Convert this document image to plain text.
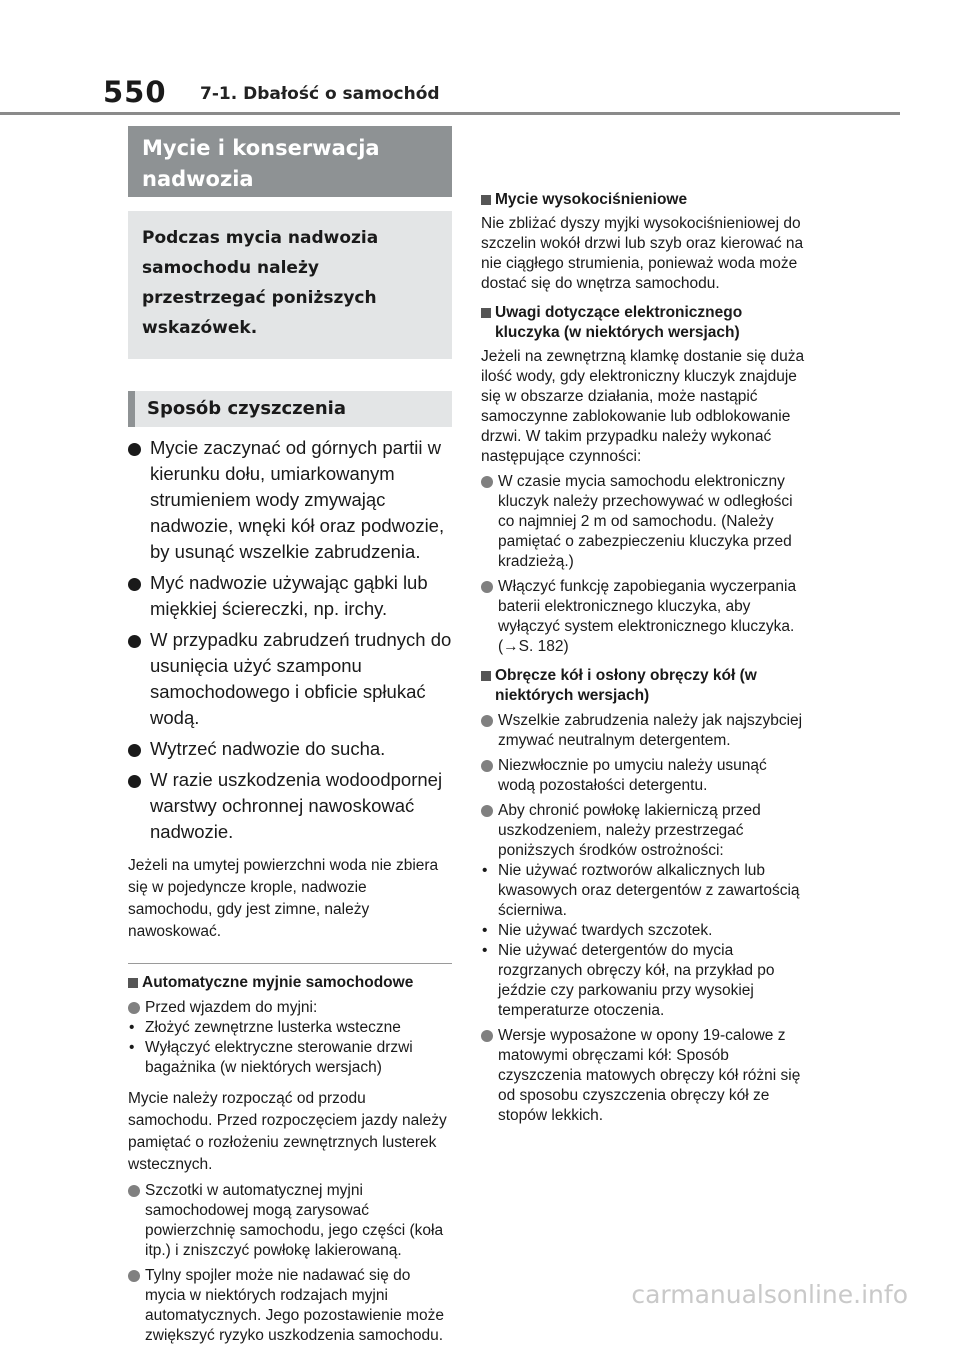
550 7-1. Dbałość o samochód
Mycie i konserwacja nadwozia
Podczas mycia nadwozia samochodu należy przestrzegać poniższych wskazówek.
Sposób czyszczenia
Mycie zaczynać od górnych partii w kierunku dołu, umiarkowanym strumieniem wody zmywając nadwozie, wnęki kół oraz podwozie, by usunąć wszelkie zabrudzenia.
Myć nadwozie używając gąbki lub miękkiej ściereczki, np. irchy.
W przypadku zabrudzeń trudnych do usunięcia użyć szamponu samochodowego i obficie spłukać wodą.
Wytrzeć nadwozie do sucha.
W razie uszkodzenia wodoodpornej warstwy ochronnej nawoskować nadwozie.
Jeżeli na umytej powierzchni woda nie zbiera się w pojedyncze krople, nadwozie samochodu, gdy jest zimne, należy nawoskować.
Automatyczne myjnie samochodowe
Przed wjazdem do myjni:
• Złożyć zewnętrzne lusterka wsteczne
• Wyłączyć elektryczne sterowanie drzwi bagażnika (w niektórych wersjach)
Mycie należy rozpocząć od przodu samochodu. Przed rozpoczęciem jazdy należy pamiętać o rozłożeniu zewnętrznych lusterek wstecznych.
Szczotki w automatycznej myjni samochodowej mogą zarysować powierzchnię samochodu, jego części (koła itp.) i zniszczyć powłokę lakierowaną.
Tylny spojler może nie nadawać się do mycia w niektórych rodzajach myjni automatycznych. Jego pozostawienie może zwiększyć ryzyko uszkodzenia samochodu.
Mycie wysokociśnieniowe
Nie zbliżać dyszy myjki wysokociśnieniowej do szczelin wokół drzwi lub szyb oraz kierować na nie ciągłego strumienia, ponieważ woda może dostać się do wnętrza samochodu.
Uwagi dotyczące elektronicznego kluczyka (w niektórych wersjach)
Jeżeli na zewnętrzną klamkę dostanie się duża ilość wody, gdy elektroniczny kluczyk znajduje się w obszarze działania, może nastąpić samoczynne zablokowanie lub odblokowanie drzwi. W takim przypadku należy wykonać następujące czynności:
W czasie mycia samochodu elektroniczny kluczyk należy przechowywać w odległości co najmniej 2 m od samochodu. (Należy pamiętać o zabezpieczeniu kluczyka przed kradzieżą.)
Włączyć funkcję zapobiegania wyczerpania baterii elektronicznego kluczyka, aby wyłączyć system elektronicznego kluczyka. (→S. 182)
Obręcze kół i osłony obręczy kół (w niektórych wersjach)
Wszelkie zabrudzenia należy jak najszybciej zmywać neutralnym detergentem.
Niezwłocznie po umyciu należy usunąć wodą pozostałości detergentu.
Aby chronić powłokę lakierniczą przed uszkodzeniem, należy przestrzegać poniższych środków ostrożności:
• Nie używać roztworów alkalicznych lub kwasowych oraz detergentów z zawartością ścierniwa.
• Nie używać twardych szczotek.
• Nie używać detergentów do mycia rozgrzanych obręczy kół, na przykład po jeździe czy parkowaniu przy wysokiej temperaturze otoczenia.
Wersje wyposażone w opony 19-calowe z matowymi obręczami kół: Sposób czyszczenia matowych obręczy kół różni się od sposobu czyszczenia obręczy kół ze stopów lekkich.
carmanualsonline.info
